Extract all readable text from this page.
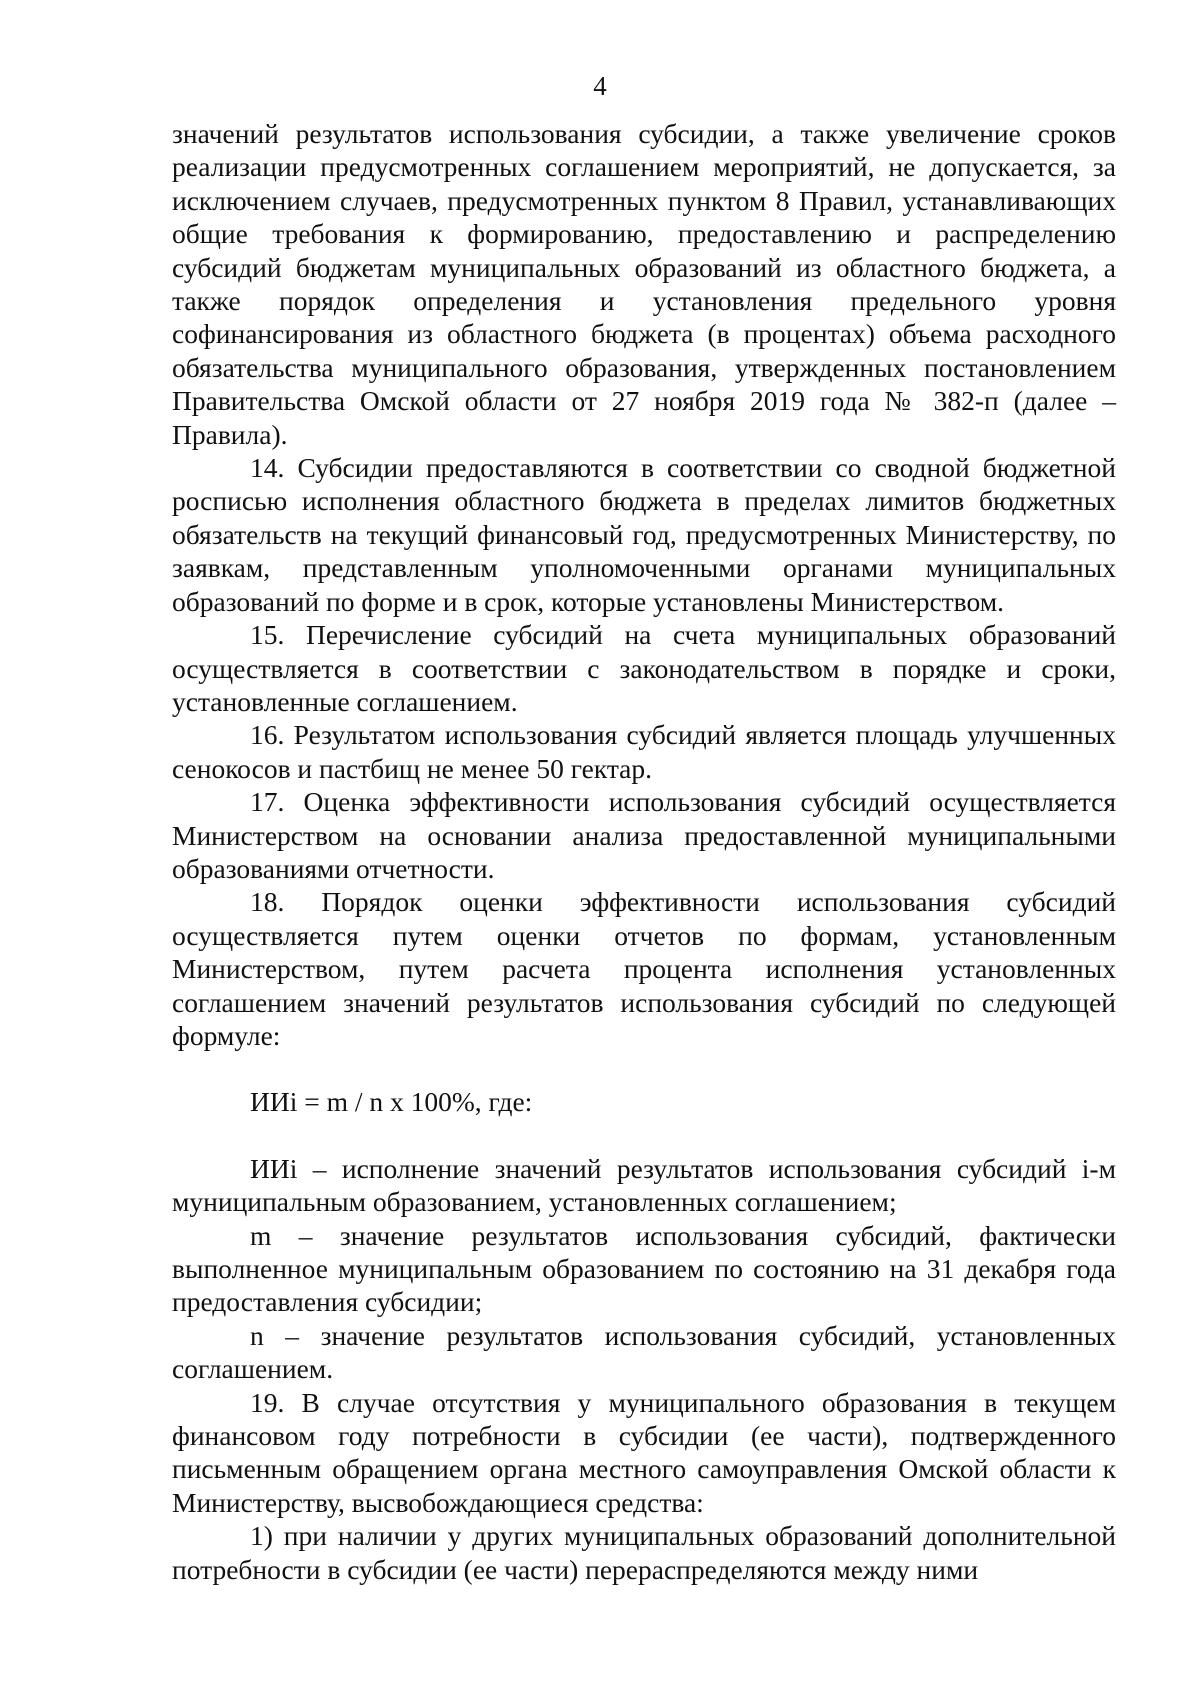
4

значений результатов использования субсидии, а также увеличение сроков реализации предусмотренных соглашением мероприятий, не допускается, за исключением случаев, предусмотренных пунктом 8 Правил, устанавливающих общие требования к формированию, предоставлению и распределению субсидий бюджетам муниципальных образований из областного бюджета, а также порядок определения и установления предельного уровня софинансирования из областного бюджета (в процентах) объема расходного обязательства муниципального образования, утвержденных постановлением Правительства Омской области от 27 ноября 2019 года № 382-п (далее – Правила).

14. Субсидии предоставляются в соответствии со сводной бюджетной росписью исполнения областного бюджета в пределах лимитов бюджетных обязательств на текущий финансовый год, предусмотренных Министерству, по заявкам, представленным уполномоченными органами муниципальных образований по форме и в срок, которые установлены Министерством.

15. Перечисление субсидий на счета муниципальных образований осуществляется в соответствии с законодательством в порядке и сроки, установленные соглашением.

16. Результатом использования субсидий является площадь улучшенных сенокосов и пастбищ не менее 50 гектар.

17. Оценка эффективности использования субсидий осуществляется Министерством на основании анализа предоставленной муниципальными образованиями отчетности.

18. Порядок оценки эффективности использования субсидий осуществляется путем оценки отчетов по формам, установленным Министерством, путем расчета процента исполнения установленных соглашением значений результатов использования субсидий по следующей формуле:

ИИi = m / n x 100%, где:

ИИi – исполнение значений результатов использования субсидий i-м муниципальным образованием, установленных соглашением;

m – значение результатов использования субсидий, фактически выполненное муниципальным образованием по состоянию на 31 декабря года предоставления субсидии;

n – значение результатов использования субсидий, установленных соглашением.

19. В случае отсутствия у муниципального образования в текущем финансовом году потребности в субсидии (ее части), подтвержденного письменным обращением органа местного самоуправления Омской области к Министерству, высвобождающиеся средства:

1) при наличии у других муниципальных образований дополнительной потребности в субсидии (ее части) перераспределяются между ними
